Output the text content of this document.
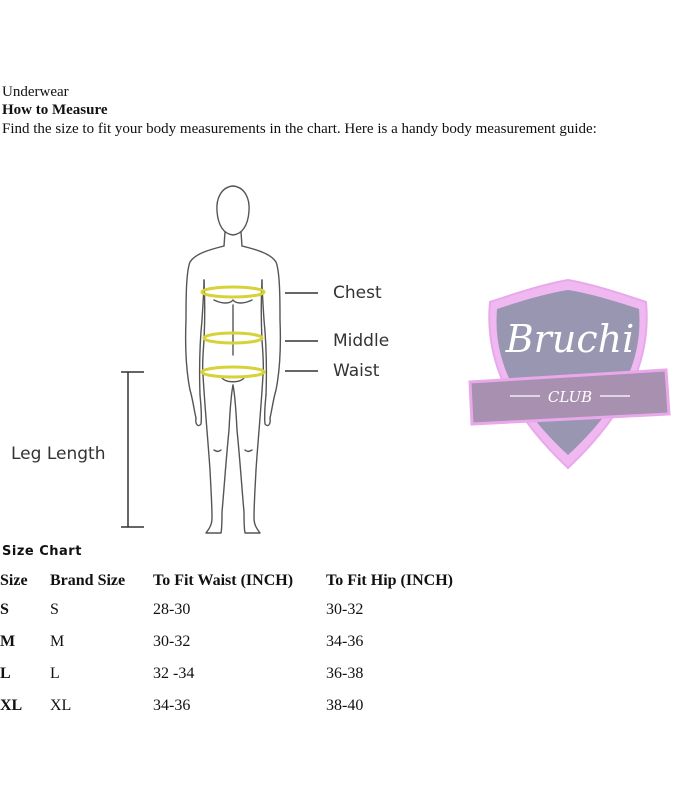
Underwear
How to Measure
Find the size to fit your body measurements in the chart. Here is a handy body measurement guide:
Chest
Middle
Waist
Leg Length
Bruchi
CLUB
Size Chart
Size	Brand Size	To Fit Waist (INCH)	To Fit Hip (INCH)
S	S	28-30	30-32
M	M	30-32	34-36
L	L	32 -34	36-38
XL	XL	34-36	38-40
